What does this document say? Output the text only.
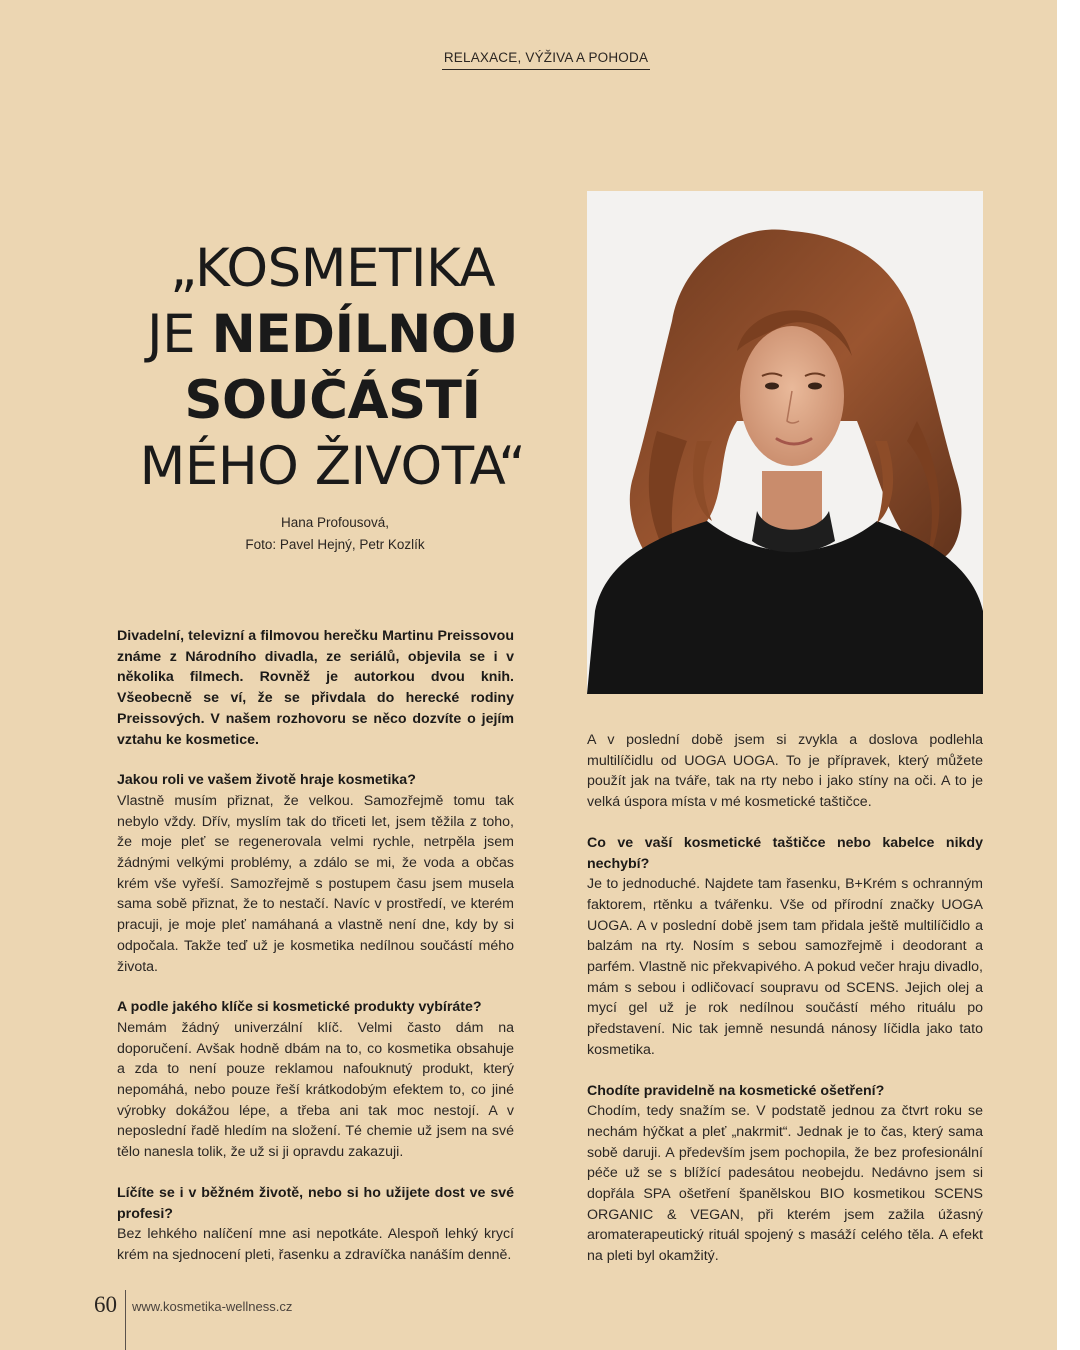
RELAXACE, VÝŽIVA A POHODA
„KOSMETIKA
JE NEDÍLNOU
SOUČÁSTÍ
MÉHO ŽIVOTA“
Hana Profousová,
Foto: Pavel Hejný, Petr Kozlík

Divadelní, televizní a filmovou herečku Martinu Preissovou známe z Národního divadla, ze seriálů, objevila se i v několika filmech. Rovněž je autorkou dvou knih. Všeobecně se ví, že se přivdala do herecké rodiny Preissových. V našem rozhovoru se něco dozvíte o jejím vztahu ke kosmetice.

Jakou roli ve vašem životě hraje kosmetika?

Vlastně musím přiznat, že velkou. Samozřejmě tomu tak nebylo vždy. Dřív, myslím tak do třiceti let, jsem těžila z toho, že moje pleť se regenerovala velmi rychle, netrpěla jsem žádnými velkými problémy, a zdálo se mi, že voda a občas krém vše vyřeší. Samozřejmě s postupem času jsem musela sama sobě přiznat, že to nestačí. Navíc v prostředí, ve kterém pracuji, je moje pleť namáhaná a vlastně není dne, kdy by si odpočala. Takže teď už je kosmetika nedílnou součástí mého života.

A podle jakého klíče si kosmetické produkty vybíráte?

Nemám žádný univerzální klíč. Velmi často dám na doporučení. Avšak hodně dbám na to, co kosmetika obsahuje a zda to není pouze reklamou nafouknutý produkt, který nepomáhá, nebo pouze řeší krátkodobým efektem to, co jiné výrobky dokážou lépe, a třeba ani tak moc nestojí. A v neposlední řadě hledím na složení. Té chemie už jsem na své tělo nanesla tolik, že už si ji opravdu zakazuji.

Líčíte se i v běžném životě, nebo si ho užijete dost ve své profesi?

Bez lehkého nalíčení mne asi nepotkáte. Alespoň lehký krycí krém na sjednocení pleti, řasenku a zdravíčka nanáším denně.

A v poslední době jsem si zvykla a doslova podlehla multilíčidlu od UOGA UOGA. To je přípravek, který můžete použít jak na tváře, tak na rty nebo i jako stíny na oči. A to je velká úspora místa v mé kosmetické taštičce.

Co ve vaší kosmetické taštičce nebo kabelce nikdy nechybí?

Je to jednoduché. Najdete tam řasenku, B+Krém s ochranným faktorem, rtěnku a tvářenku. Vše od přírodní značky UOGA UOGA. A v poslední době jsem tam přidala ještě multilíčidlo a balzám na rty. Nosím s sebou samozřejmě i deodorant a parfém. Vlastně nic překvapivého. A pokud večer hraju divadlo, mám s sebou i odličovací soupravu od SCENS. Jejich olej a mycí gel už je rok nedílnou součástí mého rituálu po představení. Nic tak jemně nesundá nánosy líčidla jako tato kosmetika.

Chodíte pravidelně na kosmetické ošetření?

Chodím, tedy snažím se. V podstatě jednou za čtvrt roku se nechám hýčkat a pleť „nakrmit“. Jednak je to čas, který sama sobě daruji. A především jsem pochopila, že bez profesionální péče už se s blížící padesátou neobejdu. Nedávno jsem si dopřála SPA ošetření španělskou BIO kosmetikou SCENS ORGANIC & VEGAN, při kterém jsem zažila úžasný aromaterapeutický rituál spojený s masáží celého těla. A efekt na pleti byl okamžitý.

60 www.kosmetika-wellness.cz
